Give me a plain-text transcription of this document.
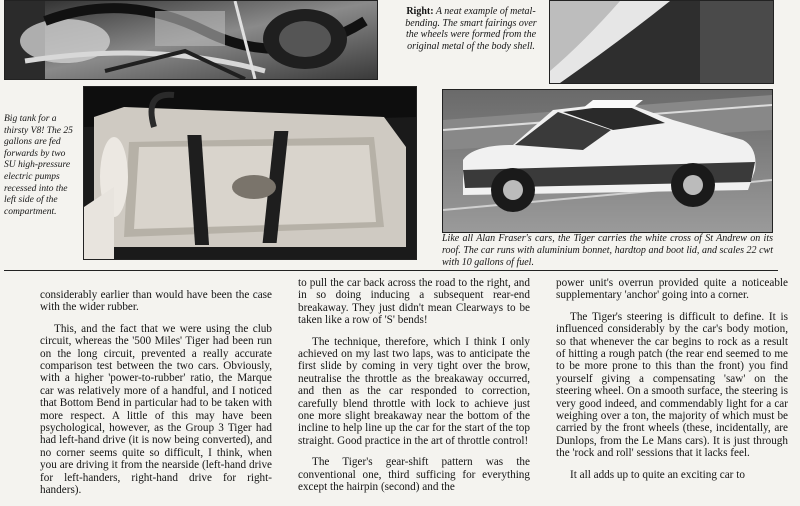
Right: A neat example of metal-bending. The smart fairings over the wheels were formed from the original metal of the body shell.
Big tank for a thirsty V8! The 25 gallons are fed forwards by two SU high-pressure electric pumps recessed into the left side of the compartment.
Like all Alan Fraser's cars, the Tiger carries the white cross of St Andrew on its roof. The car runs with aluminium bonnet, hardtop and boot lid, and scales 22 cwt with 10 gallons of fuel.

considerably earlier than would have been the case with the wider rubber.

This, and the fact that we were using the club circuit, whereas the '500 Miles' Tiger had been run on the long circuit, prevented a really accurate comparison test between the two cars. Obviously, with a higher 'power-to-rubber' ratio, the Marque car was relatively more of a handful, and I noticed that Bottom Bend in particular had to be taken with more respect. A little of this may have been psychological, however, as the Group 3 Tiger had had left-hand drive (it is now being converted), and no corner seems quite so difficult, I think, when you are driving it from the nearside (left-hand drive for left-handers, right-hand drive for right-handers).

to pull the car back across the road to the right, and in so doing inducing a subsequent rear-end breakaway. They just didn't mean Clearways to be taken like a row of 'S' bends!

The technique, therefore, which I think I only achieved on my last two laps, was to anticipate the first slide by coming in very tight over the brow, neutralise the throttle as the breakaway occurred, and then as the car responded to correction, carefully blend throttle with lock to achieve just one more slight breakaway near the bottom of the incline to help line up the car for the start of the top straight. Good practice in the art of throttle control!

The Tiger's gear-shift pattern was the conventional one, third sufficing for everything except the hairpin (second) and the

power unit's overrun provided quite a noticeable supplementary 'anchor' going into a corner.

The Tiger's steering is difficult to define. It is influenced considerably by the car's body motion, so that whenever the car begins to rock as a result of hitting a rough patch (the rear end seemed to me to be more prone to this than the front) you find yourself giving a compensating 'saw' on the steering wheel. On a smooth surface, the steering is very good indeed, and commendably light for a car weighing over a ton, the majority of which must be carried by the front wheels (these, incidentally, are Dunlops, from the Le Mans cars). It is just through the 'rock and roll' sessions that it lacks feel.

It all adds up to quite an exciting car to
